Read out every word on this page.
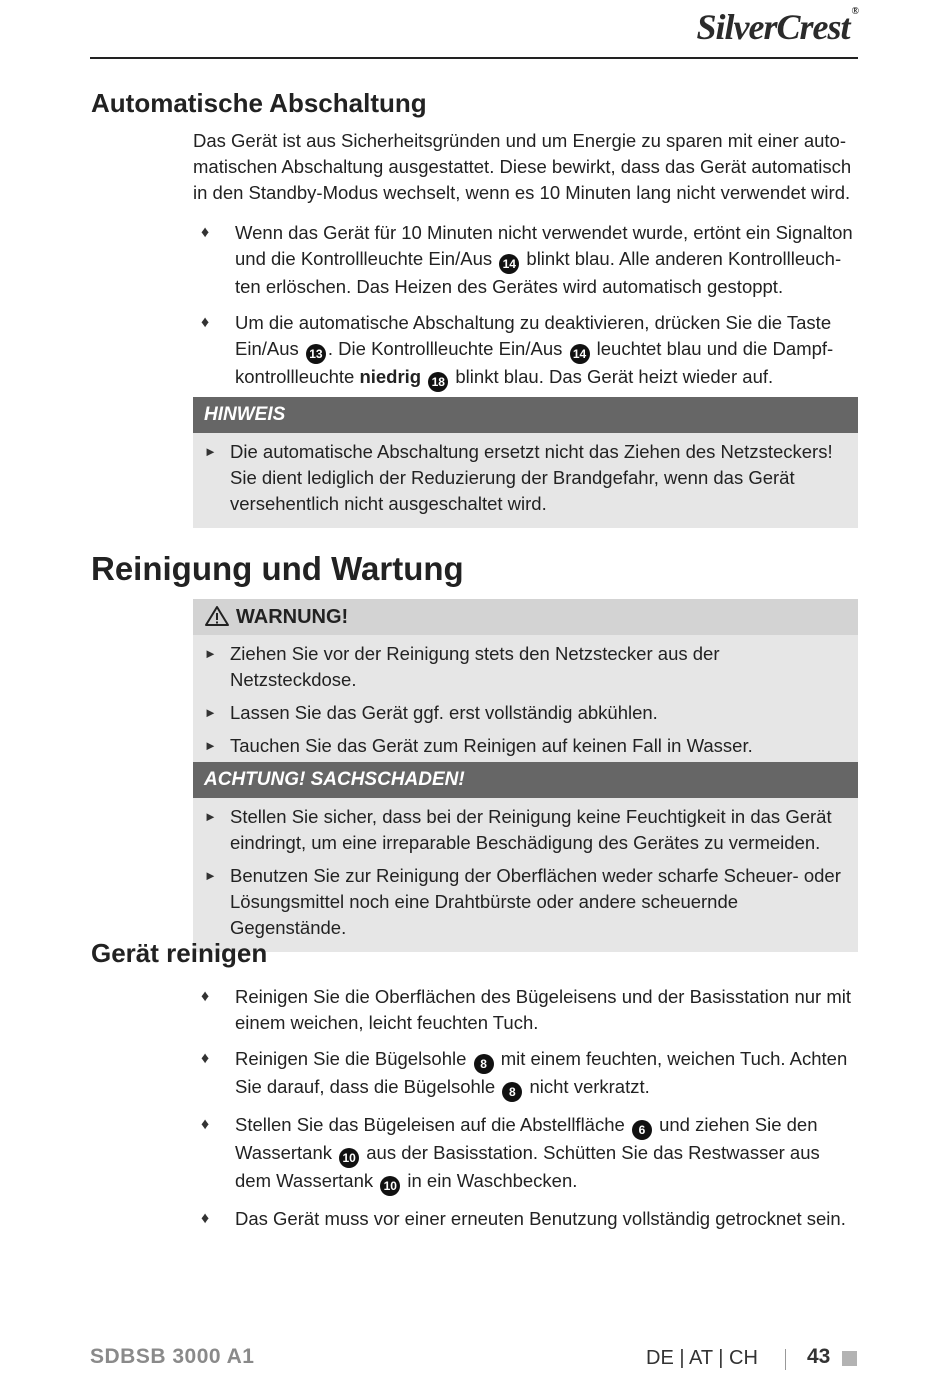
SilverCrest ®
Automatische Abschaltung
Das Gerät ist aus Sicherheitsgründen und um Energie zu sparen mit einer auto-
matischen Abschaltung ausgestattet. Diese bewirkt, dass das Gerät automatisch
in den Standby-Modus wechselt, wenn es 10 Minuten lang nicht verwendet wird.
♦ Wenn das Gerät für 10 Minuten nicht verwendet wurde, ertönt ein Signalton und die Kontrollleuchte Ein/Aus 14 blinkt blau. Alle anderen Kontrollleuch-ten erlöschen. Das Heizen des Gerätes wird automatisch gestoppt.
♦ Um die automatische Abschaltung zu deaktivieren, drücken Sie die Taste Ein/Aus 13 . Die Kontrollleuchte Ein/Aus 14 leuchtet blau und die Dampf-kontrollleuchte niedrig 18 blinkt blau. Das Gerät heizt wieder auf.
HINWEIS
► Die automatische Abschaltung ersetzt nicht das Ziehen des Netzsteckers! Sie dient lediglich der Reduzierung der Brandgefahr, wenn das Gerät versehentlich nicht ausgeschaltet wird.
Reinigung und Wartung
WARNUNG!
► Ziehen Sie vor der Reinigung stets den Netzstecker aus der Netzsteckdose.
► Lassen Sie das Gerät ggf. erst vollständig abkühlen.
► Tauchen Sie das Gerät zum Reinigen auf keinen Fall in Wasser.
ACHTUNG! SACHSCHADEN!
► Stellen Sie sicher, dass bei der Reinigung keine Feuchtigkeit in das Gerät eindringt, um eine irreparable Beschädigung des Gerätes zu vermeiden.
► Benutzen Sie zur Reinigung der Oberflächen weder scharfe Scheuer- oder Lösungsmittel noch eine Drahtbürste oder andere scheuernde Gegenstände.
Gerät reinigen
♦ Reinigen Sie die Oberflächen des Bügeleisens und der Basisstation nur mit einem weichen, leicht feuchten Tuch.
♦ Reinigen Sie die Bügelsohle 8 mit einem feuchten, weichen Tuch. Achten Sie darauf, dass die Bügelsohle 8 nicht verkratzt.
♦ Stellen Sie das Bügeleisen auf die Abstellfläche 6 und ziehen Sie den Wassertank 10 aus der Basisstation. Schütten Sie das Restwasser aus dem Wassertank 10 in ein Waschbecken.
♦ Das Gerät muss vor einer erneuten Benutzung vollständig getrocknet sein.
SDBSB 3000 A1	DE | AT | CH 43
